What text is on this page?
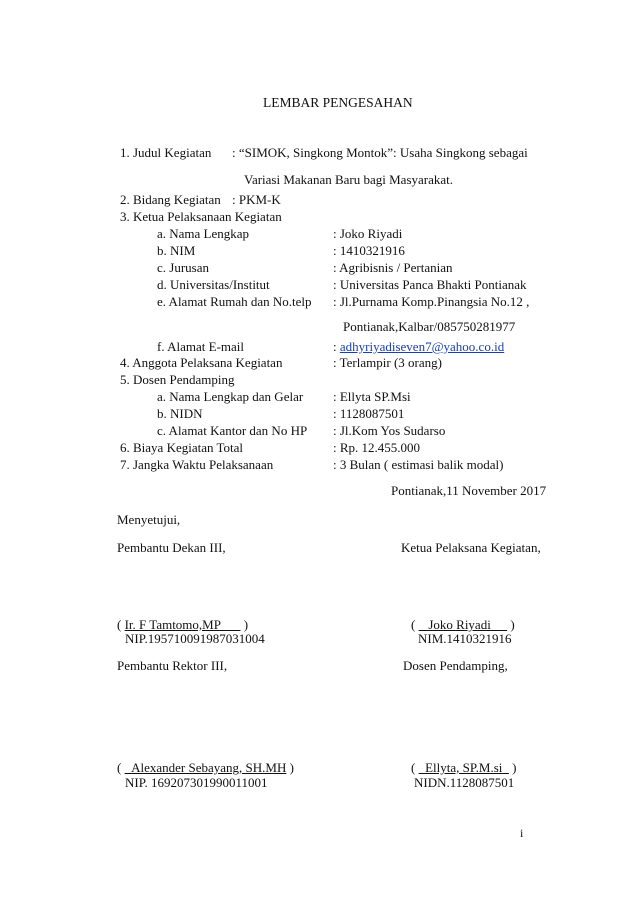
LEMBAR PENGESAHAN
1. Judul Kegiatan : “SIMOK, Singkong Montok”: Usaha Singkong sebagai
Variasi Makanan Baru bagi Masyarakat.
2. Bidang Kegiatan : PKM-K
3. Ketua Pelaksanaan Kegiatan
a. Nama Lengkap	: Joko Riyadi
b. NIM	: 1410321916
c. Jurusan	: Agribisnis / Pertanian
d. Universitas/Institut	: Universitas Panca Bhakti Pontianak
e. Alamat Rumah dan No.telp : Jl.Purnama Komp.Pinangsia No.12 ,
Pontianak,Kalbar/085750281977
f. Alamat E-mail	: adhyriyadiseven7@yahoo.co.id
4. Anggota Pelaksana Kegiatan	: Terlampir (3 orang)
5. Dosen Pendamping
a. Nama Lengkap dan Gelar : Ellyta SP.Msi
b. NIDN	: 1128087501
c. Alamat Kantor dan No HP : Jl.Kom Yos Sudarso
6. Biaya Kegiatan Total	: Rp. 12.455.000
7. Jangka Waktu Pelaksanaan	: 3 Bulan ( estimasi balik modal)
Pontianak,11 November 2017
Menyetujui,
Pembantu Dekan III,	Ketua Pelaksana Kegiatan,
( Ir. F Tamtomo,MP       )
NIP.195710091987031004
(    Joko Riyadi      )
NIM.1410321916
Pembantu Rektor III,	Dosen Pendamping,
(   Alexander Sebayang, SH.MH )
NIP. 169207301990011001
(   Ellyta, SP.M.si   )
NIDN.1128087501
i
